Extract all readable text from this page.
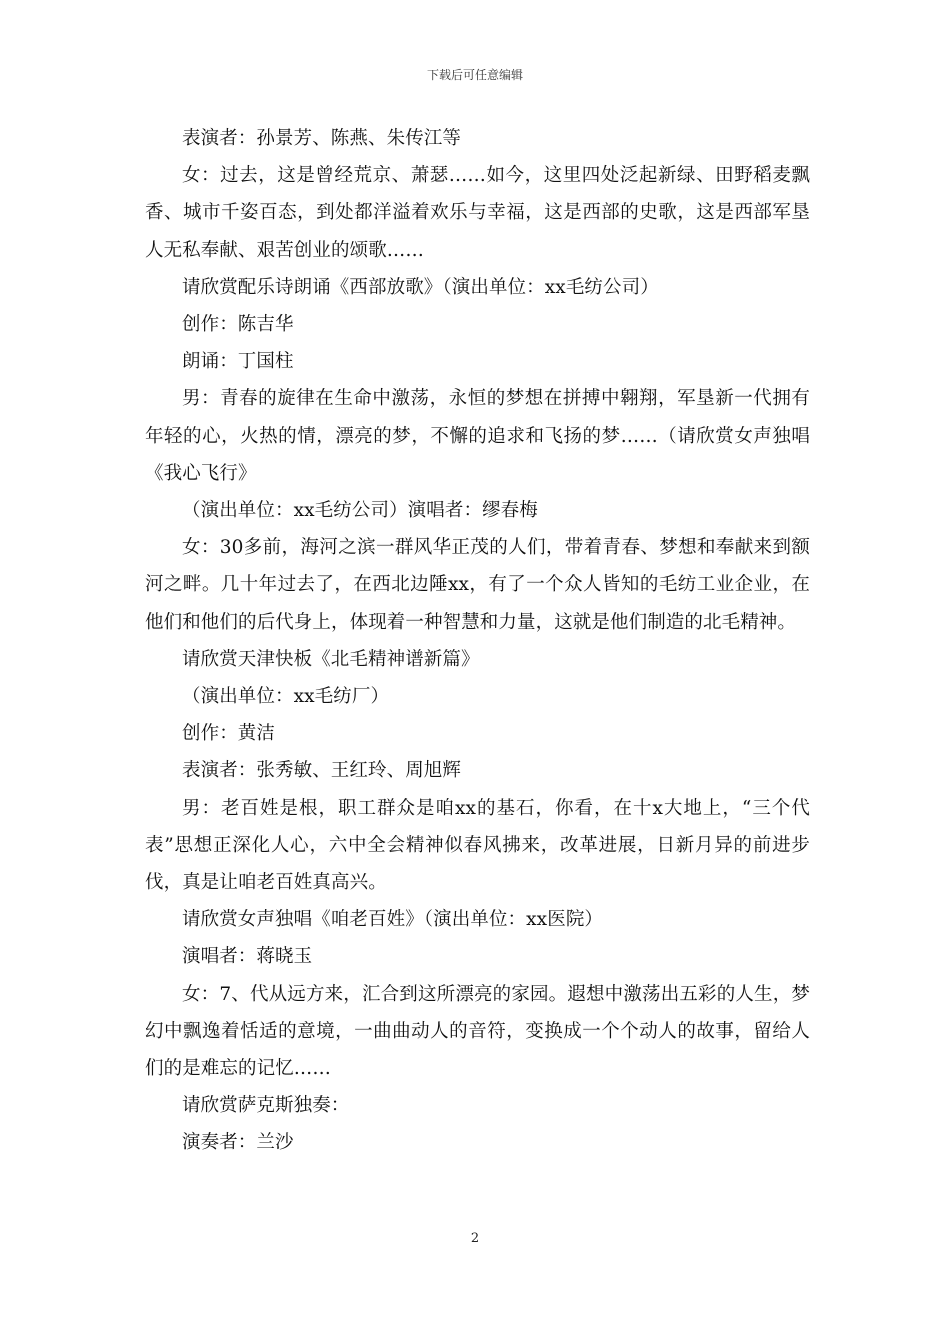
下载后可任意编辑

表演者：孙景芳、陈燕、朱传江等

女：过去，这是曾经荒京、萧瑟……如今，这里四处泛起新绿、田野稻麦飘香、城市千姿百态，到处都洋溢着欢乐与幸福，这是西部的史歌，这是西部军垦人无私奉献、艰苦创业的颂歌……

请欣赏配乐诗朗诵《西部放歌》（演出单位：xx毛纺公司）

创作：陈吉华

朗诵：丁国柱

男：青春的旋律在生命中激荡，永恒的梦想在拼搏中翱翔，军垦新一代拥有年轻的心，火热的情，漂亮的梦，不懈的追求和飞扬的梦……（请欣赏女声独唱《我心飞行》

（演出单位：xx毛纺公司）演唱者：缪春梅

女：30多前，海河之滨一群风华正茂的人们，带着青春、梦想和奉献来到额河之畔。几十年过去了，在西北边陲xx，有了一个众人皆知的毛纺工业企业，在他们和他们的后代身上，体现着一种智慧和力量，这就是他们制造的北毛精神。

请欣赏天津快板《北毛精神谱新篇》

（演出单位：xx毛纺厂）

创作：黄洁

表演者：张秀敏、王红玲、周旭辉

男：老百姓是根，职工群众是咱xx的基石，你看，在十x大地上，“三个代表”思想正深化人心，六中全会精神似春风拂来，改革进展，日新月异的前进步伐，真是让咱老百姓真高兴。

请欣赏女声独唱《咱老百姓》（演出单位：xx医院）

演唱者：蒋晓玉

女：7、代从远方来，汇合到这所漂亮的家园。遐想中激荡出五彩的人生，梦幻中飘逸着恬适的意境，一曲曲动人的音符，变换成一个个动人的故事，留给人们的是难忘的记忆……

请欣赏萨克斯独奏：

演奏者：兰沙

2
